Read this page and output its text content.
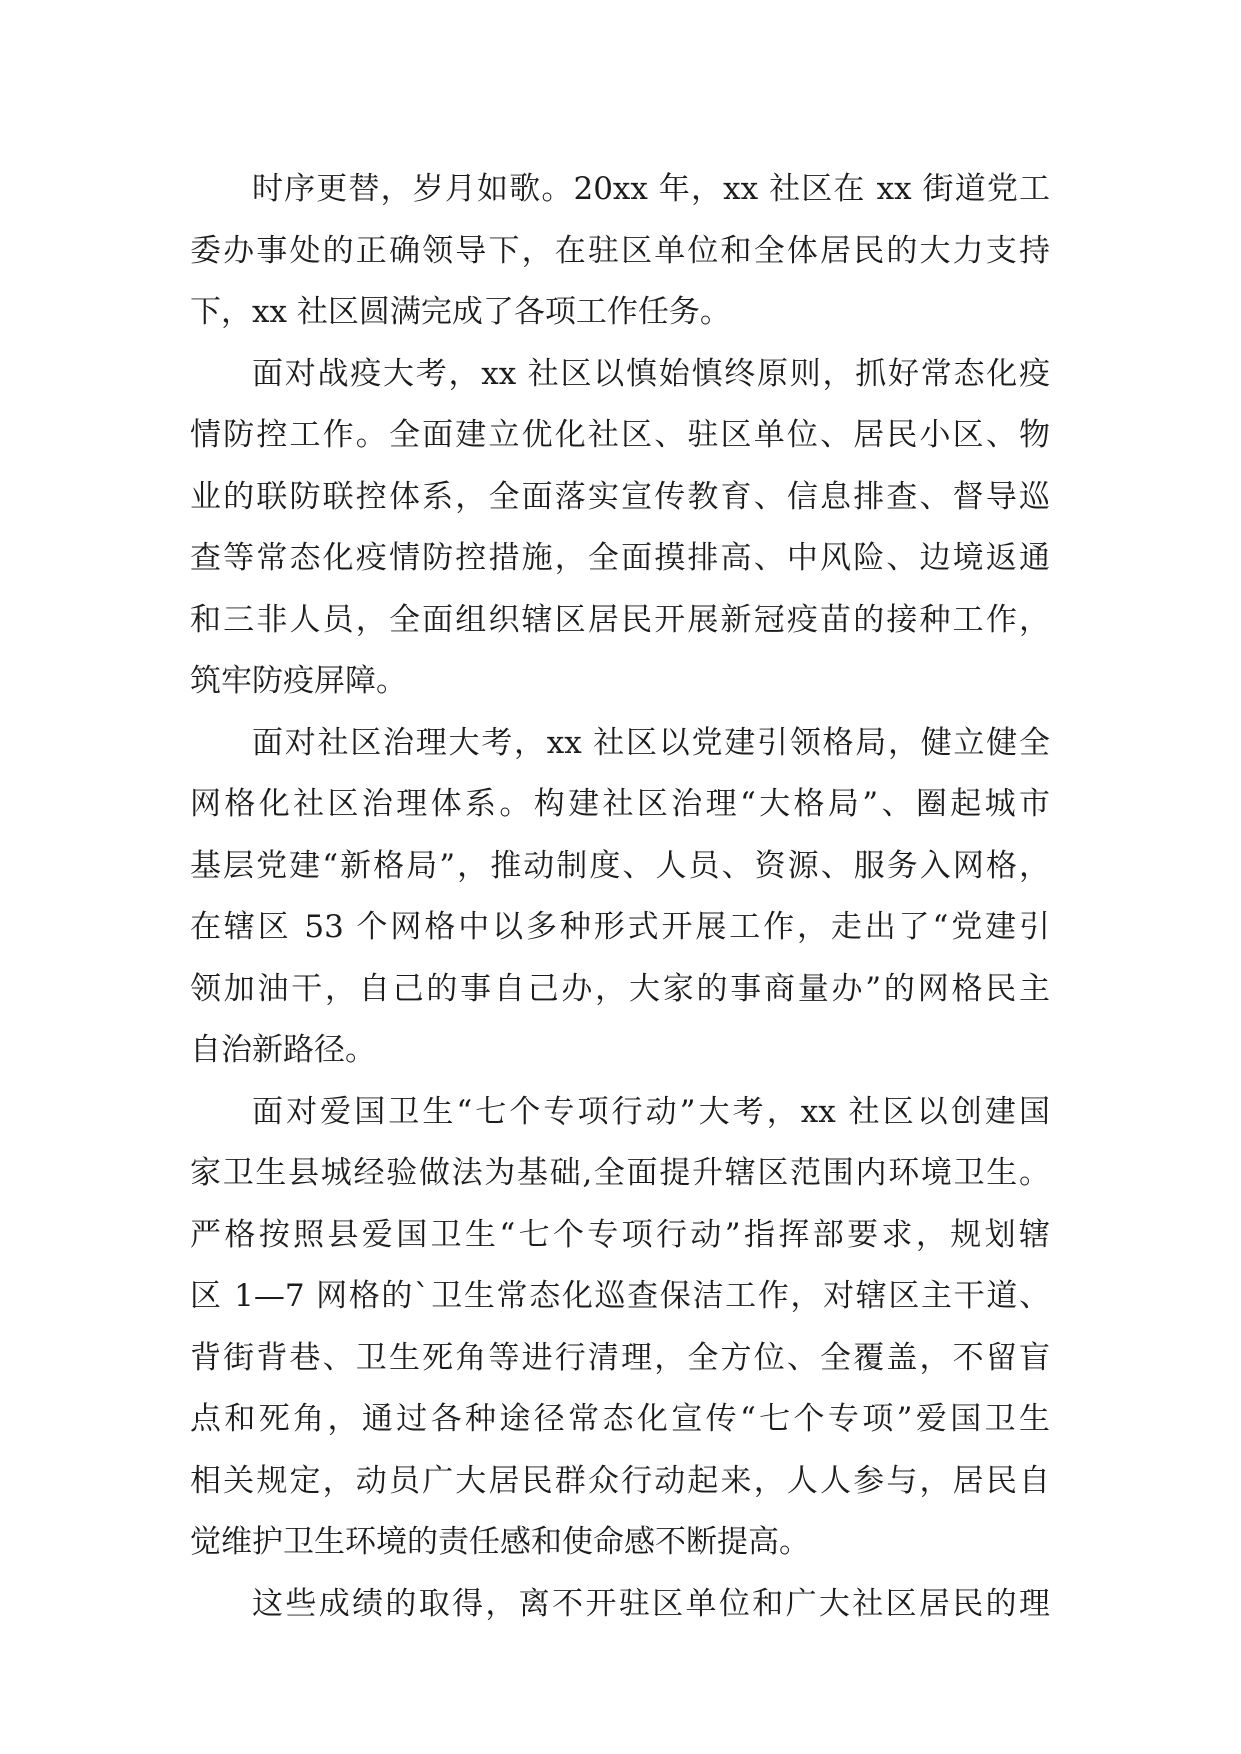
时序更替，岁月如歌。20xx 年，xx 社区在 xx 街道党工
委办事处的正确领导下，在驻区单位和全体居民的大力支持
下，xx 社区圆满完成了各项工作任务。
面对战疫大考，xx 社区以慎始慎终原则，抓好常态化疫
情防控工作。全面建立优化社区、驻区单位、居民小区、物
业的联防联控体系，全面落实宣传教育、信息排查、督导巡
查等常态化疫情防控措施，全面摸排高、中风险、边境返通
和三非人员，全面组织辖区居民开展新冠疫苗的接种工作，
筑牢防疫屏障。
面对社区治理大考，xx 社区以党建引领格局，健立健全
网格化社区治理体系。构建社区治理“大格局”、圈起城市
基层党建“新格局”，推动制度、人员、资源、服务入网格，
在辖区 53 个网格中以多种形式开展工作，走出了“党建引
领加油干，自己的事自己办，大家的事商量办”的网格民主
自治新路径。
面对爱国卫生“七个专项行动”大考，xx 社区以创建国
家卫生县城经验做法为基础,全面提升辖区范围内环境卫生。
严格按照县爱国卫生“七个专项行动”指挥部要求，规划辖
区 1—7 网格的`卫生常态化巡查保洁工作，对辖区主干道、
背街背巷、卫生死角等进行清理，全方位、全覆盖，不留盲
点和死角，通过各种途径常态化宣传“七个专项”爱国卫生
相关规定，动员广大居民群众行动起来，人人参与，居民自
觉维护卫生环境的责任感和使命感不断提高。
这些成绩的取得，离不开驻区单位和广大社区居民的理
